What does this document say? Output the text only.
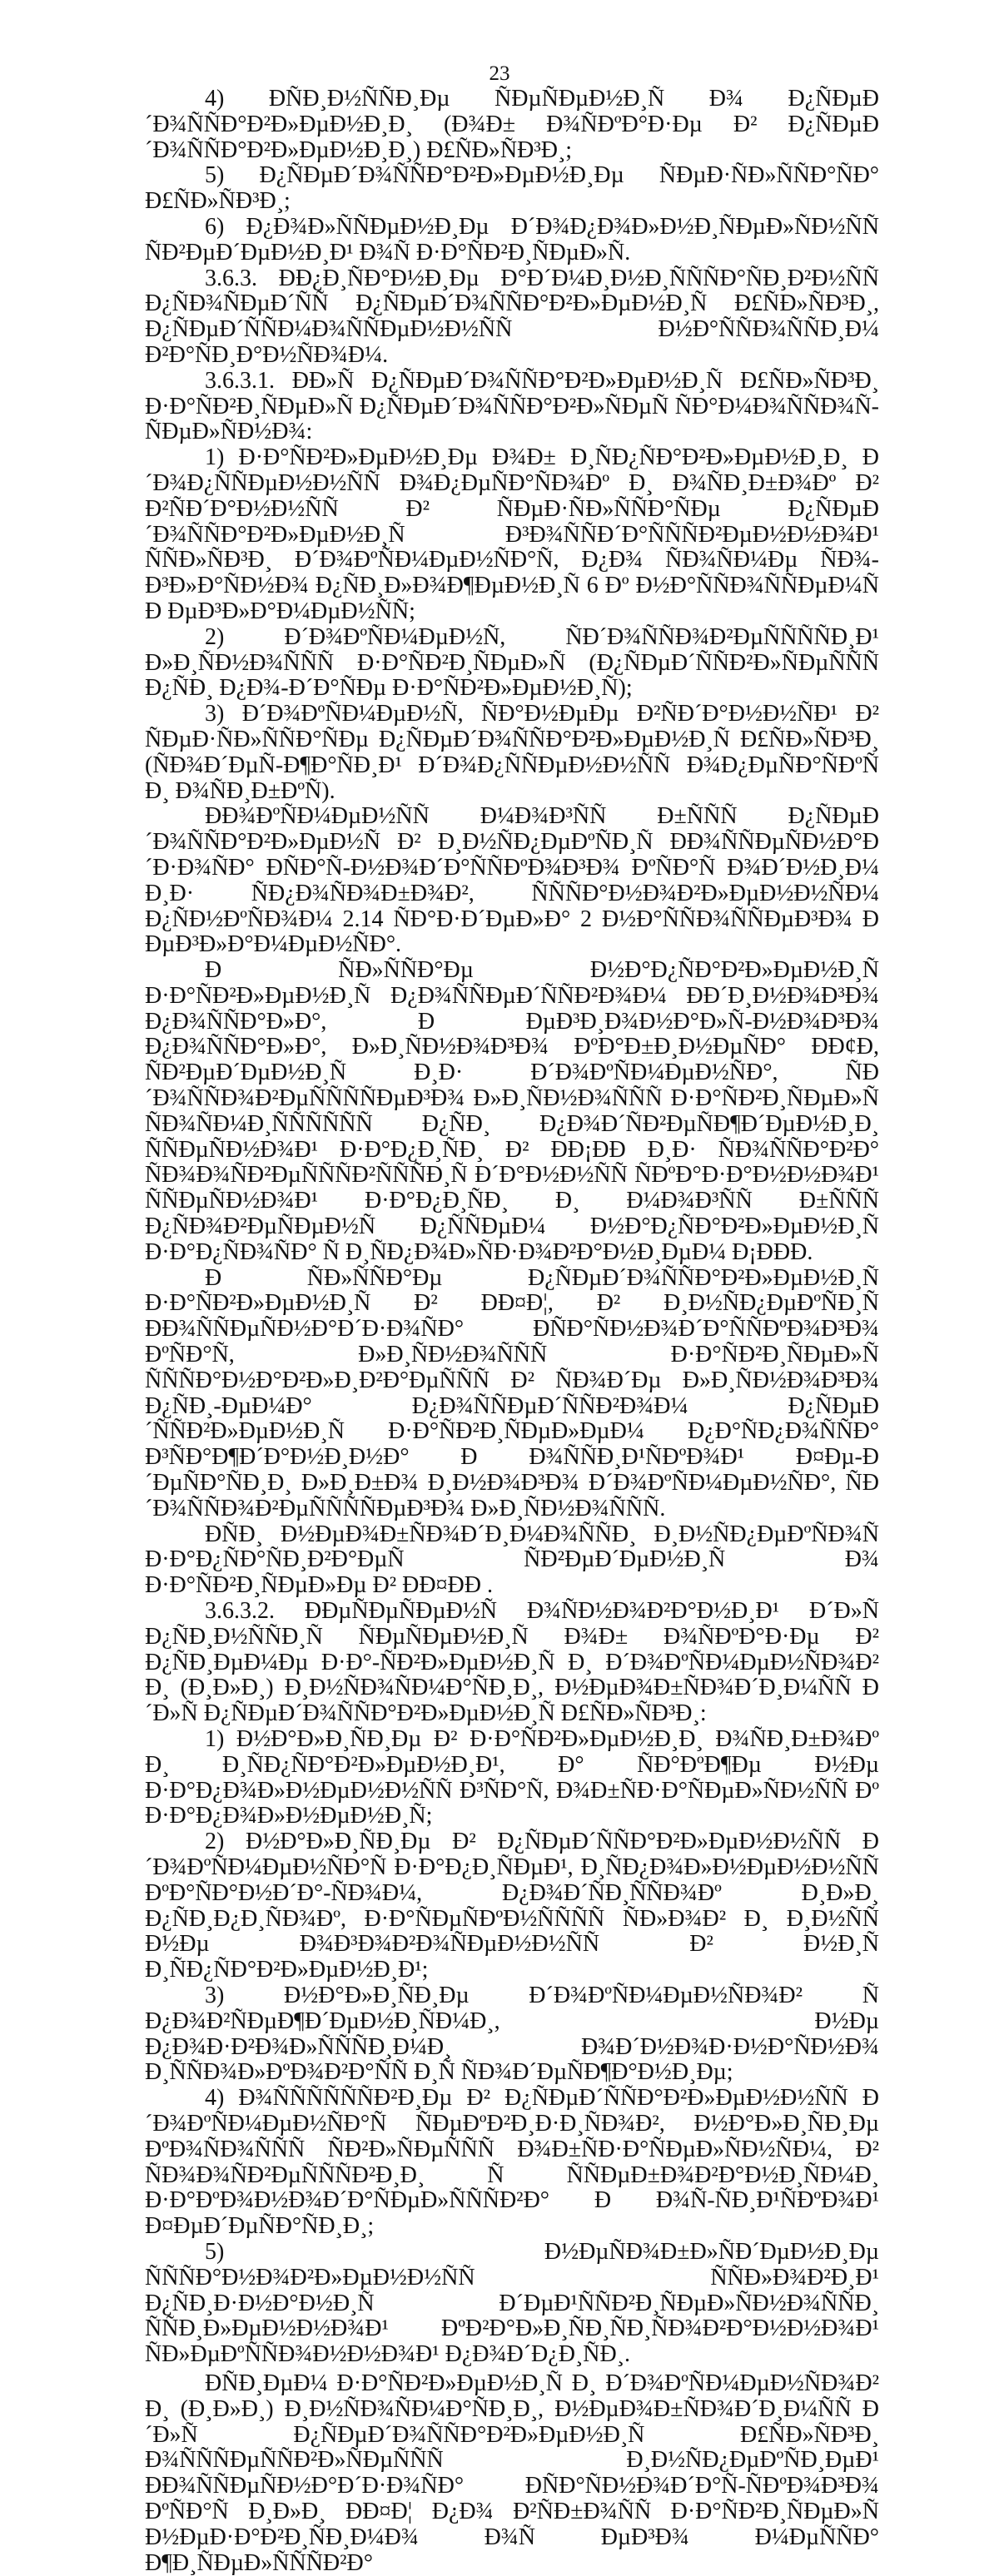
23

4) ÐÑÐ¸Ð½ÑÑÐ¸Ðµ ÑÐµÑÐµÐ½Ð¸Ñ Ð¾ Ð¿ÑÐµÐ´Ð¾ÑÑÐ°Ð²Ð»ÐµÐ½Ð¸Ð¸ (Ð¾Ð± Ð¾ÑÐºÐ°Ð·Ðµ Ð² Ð¿ÑÐµÐ´Ð¾ÑÑÐ°Ð²Ð»ÐµÐ½Ð¸Ð¸) Ð£ÑÐ»ÑÐ³Ð¸;

5) Ð¿ÑÐµÐ´Ð¾ÑÑÐ°Ð²Ð»ÐµÐ½Ð¸Ðµ ÑÐµÐ·ÑÐ»ÑÑÐ°ÑÐ° Ð£ÑÐ»ÑÐ³Ð¸;

6) Ð¿Ð¾Ð»ÑÑÐµÐ½Ð¸Ðµ Ð´Ð¾Ð¿Ð¾Ð»Ð½Ð¸ÑÐµÐ»ÑÐ½ÑÑ ÑÐ²ÐµÐ´ÐµÐ½Ð¸Ð¹ Ð¾Ñ Ð·Ð°ÑÐ²Ð¸ÑÐµÐ»Ñ.

3.6.3. ÐÐ¿Ð¸ÑÐ°Ð½Ð¸Ðµ Ð°Ð´Ð¼Ð¸Ð½Ð¸ÑÑÑÐ°ÑÐ¸Ð²Ð½ÑÑ Ð¿ÑÐ¾ÑÐµÐ´ÑÑ Ð¿ÑÐµÐ´Ð¾ÑÑÐ°Ð²Ð»ÐµÐ½Ð¸Ñ Ð£ÑÐ»ÑÐ³Ð¸, Ð¿ÑÐµÐ´ÑÑÐ¼Ð¾ÑÑÐµÐ½Ð½ÑÑ Ð½Ð°ÑÑÐ¾ÑÑÐ¸Ð¼ Ð²Ð°ÑÐ¸Ð°Ð½ÑÐ¾Ð¼.

3.6.3.1. ÐÐ»Ñ Ð¿ÑÐµÐ´Ð¾ÑÑÐ°Ð²Ð»ÐµÐ½Ð¸Ñ Ð£ÑÐ»ÑÐ³Ð¸ Ð·Ð°ÑÐ²Ð¸ÑÐµÐ»Ñ Ð¿ÑÐµÐ´Ð¾ÑÑÐ°Ð²Ð»ÑÐµÑ ÑÐ°Ð¼Ð¾ÑÑÐ¾Ñ-ÑÐµÐ»ÑÐ½Ð¾:

1) Ð·Ð°ÑÐ²Ð»ÐµÐ½Ð¸Ðµ Ð¾Ð± Ð¸ÑÐ¿ÑÐ°Ð²Ð»ÐµÐ½Ð¸Ð¸ Ð´Ð¾Ð¿ÑÑÐµÐ½Ð½ÑÑ Ð¾Ð¿ÐµÑÐ°ÑÐ¾Ðº Ð¸ Ð¾ÑÐ¸Ð±Ð¾Ðº Ð² Ð²ÑÐ´Ð°Ð½Ð½ÑÑ Ð² ÑÐµÐ·ÑÐ»ÑÑÐ°ÑÐµ Ð¿ÑÐµÐ´Ð¾ÑÑÐ°Ð²Ð»ÐµÐ½Ð¸Ñ Ð³Ð¾ÑÑÐ´Ð°ÑÑÑÐ²ÐµÐ½Ð½Ð¾Ð¹ ÑÑÐ»ÑÐ³Ð¸ Ð´Ð¾ÐºÑÐ¼ÐµÐ½ÑÐ°Ñ, Ð¿Ð¾ ÑÐ¾ÑÐ¼Ðµ ÑÐ¾-Ð³Ð»Ð°ÑÐ½Ð¾ Ð¿ÑÐ¸Ð»Ð¾Ð¶ÐµÐ½Ð¸Ñ 6 Ðº Ð½Ð°ÑÑÐ¾ÑÑÐµÐ¼Ñ Ð ÐµÐ³Ð»Ð°Ð¼ÐµÐ½ÑÑ;

2) Ð´Ð¾ÐºÑÐ¼ÐµÐ½Ñ, ÑÐ´Ð¾ÑÑÐ¾Ð²ÐµÑÑÑÑÐ¸Ð¹ Ð»Ð¸ÑÐ½Ð¾ÑÑÑ Ð·Ð°ÑÐ²Ð¸ÑÐµÐ»Ñ (Ð¿ÑÐµÐ´ÑÑÐ²Ð»ÑÐµÑÑÑ Ð¿ÑÐ¸ Ð¿Ð¾-Ð´Ð°ÑÐµ Ð·Ð°ÑÐ²Ð»ÐµÐ½Ð¸Ñ);

3) Ð´Ð¾ÐºÑÐ¼ÐµÐ½Ñ, ÑÐ°Ð½ÐµÐµ Ð²ÑÐ´Ð°Ð½Ð½ÑÐ¹ Ð² ÑÐµÐ·ÑÐ»ÑÑÐ°ÑÐµ Ð¿ÑÐµÐ´Ð¾ÑÑÐ°Ð²Ð»ÐµÐ½Ð¸Ñ Ð£ÑÐ»ÑÐ³Ð¸ (ÑÐ¾Ð´ÐµÑ-Ð¶Ð°ÑÐ¸Ð¹ Ð´Ð¾Ð¿ÑÑÐµÐ½Ð½ÑÑ Ð¾Ð¿ÐµÑÐ°ÑÐºÑ Ð¸ Ð¾ÑÐ¸Ð±ÐºÑ).

ÐÐ¾ÐºÑÐ¼ÐµÐ½ÑÑ Ð¼Ð¾Ð³ÑÑ Ð±ÑÑÑ Ð¿ÑÐµÐ´Ð¾ÑÑÐ°Ð²Ð»ÐµÐ½Ñ Ð² Ð¸Ð½ÑÐ¿ÐµÐºÑÐ¸Ñ ÐÐ¾ÑÑÐµÑÐ½Ð°Ð´Ð·Ð¾ÑÐ° ÐÑÐ°Ñ-Ð½Ð¾Ð´Ð°ÑÑÐºÐ¾Ð³Ð¾ ÐºÑÐ°Ñ Ð¾Ð´Ð½Ð¸Ð¼ Ð¸Ð· ÑÐ¿Ð¾ÑÐ¾Ð±Ð¾Ð², ÑÑÑÐ°Ð½Ð¾Ð²Ð»ÐµÐ½Ð½ÑÐ¼ Ð¿ÑÐ½ÐºÑÐ¾Ð¼ 2.14 ÑÐ°Ð·Ð´ÐµÐ»Ð° 2 Ð½Ð°ÑÑÐ¾ÑÑÐµÐ³Ð¾ Ð ÐµÐ³Ð»Ð°Ð¼ÐµÐ½ÑÐ°.

Ð ÑÐ»ÑÑÐ°Ðµ Ð½Ð°Ð¿ÑÐ°Ð²Ð»ÐµÐ½Ð¸Ñ Ð·Ð°ÑÐ²Ð»ÐµÐ½Ð¸Ñ Ð¿Ð¾ÑÑÐµÐ´ÑÑÐ²Ð¾Ð¼ ÐÐ´Ð¸Ð½Ð¾Ð³Ð¾ Ð¿Ð¾ÑÑÐ°Ð»Ð°, Ð ÐµÐ³Ð¸Ð¾Ð½Ð°Ð»Ñ-Ð½Ð¾Ð³Ð¾ Ð¿Ð¾ÑÑÐ°Ð»Ð°, Ð»Ð¸ÑÐ½Ð¾Ð³Ð¾ ÐºÐ°Ð±Ð¸Ð½ÐµÑÐ° ÐÐ¢Ð, ÑÐ²ÐµÐ´ÐµÐ½Ð¸Ñ Ð¸Ð· Ð´Ð¾ÐºÑÐ¼ÐµÐ½ÑÐ°, ÑÐ´Ð¾ÑÑÐ¾Ð²ÐµÑÑÑÑÐµÐ³Ð¾ Ð»Ð¸ÑÐ½Ð¾ÑÑÑ Ð·Ð°ÑÐ²Ð¸ÑÐµÐ»Ñ ÑÐ¾ÑÐ¼Ð¸ÑÑÑÑÑÑ Ð¿ÑÐ¸ Ð¿Ð¾Ð´ÑÐ²ÐµÑÐ¶Ð´ÐµÐ½Ð¸Ð¸ ÑÑÐµÑÐ½Ð¾Ð¹ Ð·Ð°Ð¿Ð¸ÑÐ¸ Ð² ÐÐ¡ÐÐ Ð¸Ð· ÑÐ¾ÑÑÐ°Ð²Ð° ÑÐ¾Ð¾ÑÐ²ÐµÑÑÑÐ²ÑÑÑÐ¸Ñ Ð´Ð°Ð½Ð½ÑÑ ÑÐºÐ°Ð·Ð°Ð½Ð½Ð¾Ð¹ ÑÑÐµÑÐ½Ð¾Ð¹ Ð·Ð°Ð¿Ð¸ÑÐ¸ Ð¸ Ð¼Ð¾Ð³ÑÑ Ð±ÑÑÑ Ð¿ÑÐ¾Ð²ÐµÑÐµÐ½Ñ Ð¿ÑÑÐµÐ¼ Ð½Ð°Ð¿ÑÐ°Ð²Ð»ÐµÐ½Ð¸Ñ Ð·Ð°Ð¿ÑÐ¾ÑÐ° Ñ Ð¸ÑÐ¿Ð¾Ð»ÑÐ·Ð¾Ð²Ð°Ð½Ð¸ÐµÐ¼ Ð¡ÐÐÐ.

Ð ÑÐ»ÑÑÐ°Ðµ Ð¿ÑÐµÐ´Ð¾ÑÑÐ°Ð²Ð»ÐµÐ½Ð¸Ñ Ð·Ð°ÑÐ²Ð»ÐµÐ½Ð¸Ñ Ð² ÐÐ¤Ð¦, Ð² Ð¸Ð½ÑÐ¿ÐµÐºÑÐ¸Ñ ÐÐ¾ÑÑÐµÑÐ½Ð°Ð´Ð·Ð¾ÑÐ° ÐÑÐ°ÑÐ½Ð¾Ð´Ð°ÑÑÐºÐ¾Ð³Ð¾ ÐºÑÐ°Ñ, Ð»Ð¸ÑÐ½Ð¾ÑÑÑ Ð·Ð°ÑÐ²Ð¸ÑÐµÐ»Ñ ÑÑÑÐ°Ð½Ð°Ð²Ð»Ð¸Ð²Ð°ÐµÑÑÑ Ð² ÑÐ¾Ð´Ðµ Ð»Ð¸ÑÐ½Ð¾Ð³Ð¾ Ð¿ÑÐ¸-ÐµÐ¼Ð° Ð¿Ð¾ÑÑÐµÐ´ÑÑÐ²Ð¾Ð¼ Ð¿ÑÐµÐ´ÑÑÐ²Ð»ÐµÐ½Ð¸Ñ Ð·Ð°ÑÐ²Ð¸ÑÐµÐ»ÐµÐ¼ Ð¿Ð°ÑÐ¿Ð¾ÑÑÐ° Ð³ÑÐ°Ð¶Ð´Ð°Ð½Ð¸Ð½Ð° Ð Ð¾ÑÑÐ¸Ð¹ÑÐºÐ¾Ð¹ Ð¤Ðµ-Ð´ÐµÑÐ°ÑÐ¸Ð¸ Ð»Ð¸Ð±Ð¾ Ð¸Ð½Ð¾Ð³Ð¾ Ð´Ð¾ÐºÑÐ¼ÐµÐ½ÑÐ°, ÑÐ´Ð¾ÑÑÐ¾Ð²ÐµÑÑÑÑÐµÐ³Ð¾ Ð»Ð¸ÑÐ½Ð¾ÑÑÑ.

ÐÑÐ¸ Ð½ÐµÐ¾Ð±ÑÐ¾Ð´Ð¸Ð¼Ð¾ÑÑÐ¸ Ð¸Ð½ÑÐ¿ÐµÐºÑÐ¾Ñ Ð·Ð°Ð¿ÑÐ°ÑÐ¸Ð²Ð°ÐµÑ ÑÐ²ÐµÐ´ÐµÐ½Ð¸Ñ Ð¾ Ð·Ð°ÑÐ²Ð¸ÑÐµÐ»Ðµ Ð² ÐÐ¤ÐÐ .

3.6.3.2. ÐÐµÑÐµÑÐµÐ½Ñ Ð¾ÑÐ½Ð¾Ð²Ð°Ð½Ð¸Ð¹ Ð´Ð»Ñ Ð¿ÑÐ¸Ð½ÑÑÐ¸Ñ ÑÐµÑÐµÐ½Ð¸Ñ Ð¾Ð± Ð¾ÑÐºÐ°Ð·Ðµ Ð² Ð¿ÑÐ¸ÐµÐ¼Ðµ Ð·Ð°-ÑÐ²Ð»ÐµÐ½Ð¸Ñ Ð¸ Ð´Ð¾ÐºÑÐ¼ÐµÐ½ÑÐ¾Ð² Ð¸ (Ð¸Ð»Ð¸) Ð¸Ð½ÑÐ¾ÑÐ¼Ð°ÑÐ¸Ð¸, Ð½ÐµÐ¾Ð±ÑÐ¾Ð´Ð¸Ð¼ÑÑ Ð´Ð»Ñ Ð¿ÑÐµÐ´Ð¾ÑÑÐ°Ð²Ð»ÐµÐ½Ð¸Ñ Ð£ÑÐ»ÑÐ³Ð¸:

1) Ð½Ð°Ð»Ð¸ÑÐ¸Ðµ Ð² Ð·Ð°ÑÐ²Ð»ÐµÐ½Ð¸Ð¸ Ð¾ÑÐ¸Ð±Ð¾Ðº Ð¸ Ð¸ÑÐ¿ÑÐ°Ð²Ð»ÐµÐ½Ð¸Ð¹, Ð° ÑÐ°ÐºÐ¶Ðµ Ð½Ðµ Ð·Ð°Ð¿Ð¾Ð»Ð½ÐµÐ½Ð½ÑÑ Ð³ÑÐ°Ñ, Ð¾Ð±ÑÐ·Ð°ÑÐµÐ»ÑÐ½ÑÑ Ðº Ð·Ð°Ð¿Ð¾Ð»Ð½ÐµÐ½Ð¸Ñ;

2) Ð½Ð°Ð»Ð¸ÑÐ¸Ðµ Ð² Ð¿ÑÐµÐ´ÑÑÐ°Ð²Ð»ÐµÐ½Ð½ÑÑ Ð´Ð¾ÐºÑÐ¼ÐµÐ½ÑÐ°Ñ Ð·Ð°Ð¿Ð¸ÑÐµÐ¹, Ð¸ÑÐ¿Ð¾Ð»Ð½ÐµÐ½Ð½ÑÑ ÐºÐ°ÑÐ°Ð½Ð´Ð°-ÑÐ¾Ð¼, Ð¿Ð¾Ð´ÑÐ¸ÑÑÐ¾Ðº Ð¸Ð»Ð¸ Ð¿ÑÐ¸Ð¿Ð¸ÑÐ¾Ðº, Ð·Ð°ÑÐµÑÐºÐ½ÑÑÑÑ ÑÐ»Ð¾Ð² Ð¸ Ð¸Ð½ÑÑ Ð½Ðµ Ð¾Ð³Ð¾Ð²Ð¾ÑÐµÐ½Ð½ÑÑ Ð² Ð½Ð¸Ñ Ð¸ÑÐ¿ÑÐ°Ð²Ð»ÐµÐ½Ð¸Ð¹;

3) Ð½Ð°Ð»Ð¸ÑÐ¸Ðµ Ð´Ð¾ÐºÑÐ¼ÐµÐ½ÑÐ¾Ð² Ñ Ð¿Ð¾Ð²ÑÐµÐ¶Ð´ÐµÐ½Ð¸ÑÐ¼Ð¸, Ð½Ðµ Ð¿Ð¾Ð·Ð²Ð¾Ð»ÑÑÑÐ¸Ð¼Ð¸ Ð¾Ð´Ð½Ð¾Ð·Ð½Ð°ÑÐ½Ð¾ Ð¸ÑÑÐ¾Ð»ÐºÐ¾Ð²Ð°ÑÑ Ð¸Ñ ÑÐ¾Ð´ÐµÑÐ¶Ð°Ð½Ð¸Ðµ;

4) Ð¾ÑÑÑÑÑÑÐ²Ð¸Ðµ Ð² Ð¿ÑÐµÐ´ÑÑÐ°Ð²Ð»ÐµÐ½Ð½ÑÑ Ð´Ð¾ÐºÑÐ¼ÐµÐ½ÑÐ°Ñ ÑÐµÐºÐ²Ð¸Ð·Ð¸ÑÐ¾Ð², Ð½Ð°Ð»Ð¸ÑÐ¸Ðµ ÐºÐ¾ÑÐ¾ÑÑÑ ÑÐ²Ð»ÑÐµÑÑÑ Ð¾Ð±ÑÐ·Ð°ÑÐµÐ»ÑÐ½ÑÐ¼, Ð² ÑÐ¾Ð¾ÑÐ²ÐµÑÑÑÐ²Ð¸Ð¸ Ñ ÑÑÐµÐ±Ð¾Ð²Ð°Ð½Ð¸ÑÐ¼Ð¸ Ð·Ð°ÐºÐ¾Ð½Ð¾Ð´Ð°ÑÐµÐ»ÑÑÑÐ²Ð° Ð Ð¾Ñ-ÑÐ¸Ð¹ÑÐºÐ¾Ð¹ Ð¤ÐµÐ´ÐµÑÐ°ÑÐ¸Ð¸;

5) Ð½ÐµÑÐ¾Ð±Ð»ÑÐ´ÐµÐ½Ð¸Ðµ ÑÑÑÐ°Ð½Ð¾Ð²Ð»ÐµÐ½Ð½ÑÑ ÑÑÐ»Ð¾Ð²Ð¸Ð¹ Ð¿ÑÐ¸Ð·Ð½Ð°Ð½Ð¸Ñ Ð´ÐµÐ¹ÑÑÐ²Ð¸ÑÐµÐ»ÑÐ½Ð¾ÑÑÐ¸ ÑÑÐ¸Ð»ÐµÐ½Ð½Ð¾Ð¹ ÐºÐ²Ð°Ð»Ð¸ÑÐ¸ÑÐ¸ÑÐ¾Ð²Ð°Ð½Ð½Ð¾Ð¹ ÑÐ»ÐµÐºÑÑÐ¾Ð½Ð½Ð¾Ð¹ Ð¿Ð¾Ð´Ð¿Ð¸ÑÐ¸.

ÐÑÐ¸ÐµÐ¼ Ð·Ð°ÑÐ²Ð»ÐµÐ½Ð¸Ñ Ð¸ Ð´Ð¾ÐºÑÐ¼ÐµÐ½ÑÐ¾Ð² Ð¸ (Ð¸Ð»Ð¸) Ð¸Ð½ÑÐ¾ÑÐ¼Ð°ÑÐ¸Ð¸, Ð½ÐµÐ¾Ð±ÑÐ¾Ð´Ð¸Ð¼ÑÑ Ð´Ð»Ñ Ð¿ÑÐµÐ´Ð¾ÑÑÐ°Ð²Ð»ÐµÐ½Ð¸Ñ Ð£ÑÐ»ÑÐ³Ð¸ Ð¾ÑÑÑÐµÑÑÐ²Ð»ÑÐµÑÑÑ Ð¸Ð½ÑÐ¿ÐµÐºÑÐ¸ÐµÐ¹ ÐÐ¾ÑÑÐµÑÐ½Ð°Ð´Ð·Ð¾ÑÐ° ÐÑÐ°ÑÐ½Ð¾Ð´Ð°Ñ-ÑÐºÐ¾Ð³Ð¾ ÐºÑÐ°Ñ Ð¸Ð»Ð¸ ÐÐ¤Ð¦ Ð¿Ð¾ Ð²ÑÐ±Ð¾ÑÑ Ð·Ð°ÑÐ²Ð¸ÑÐµÐ»Ñ Ð½ÐµÐ·Ð°Ð²Ð¸ÑÐ¸Ð¼Ð¾ Ð¾Ñ ÐµÐ³Ð¾ Ð¼ÐµÑÑÐ° Ð¶Ð¸ÑÐµÐ»ÑÑÑÐ²Ð°
